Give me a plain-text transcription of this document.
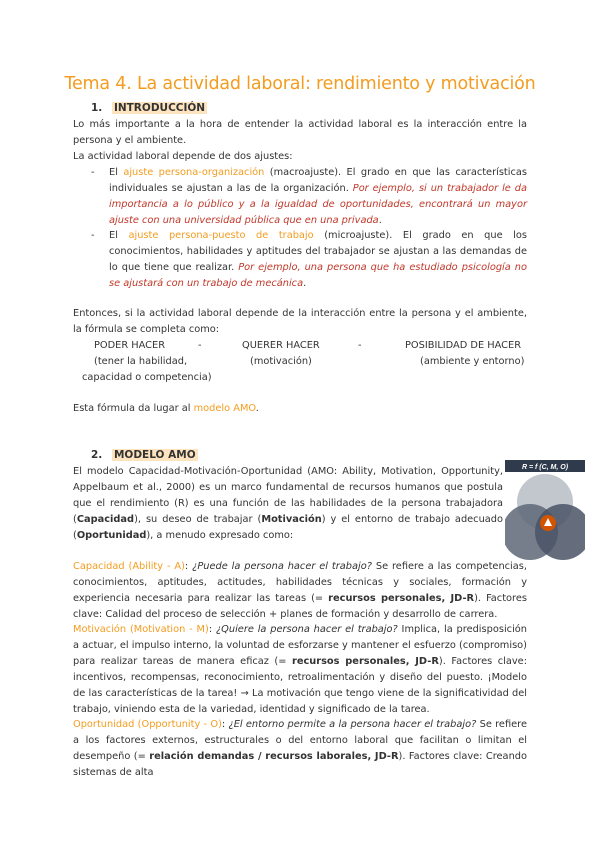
Tema 4. La actividad laboral: rendimiento y motivación
1. INTRODUCCIÓN
Lo más importante a la hora de entender la actividad laboral es la interacción entre la persona y el ambiente.
La actividad laboral depende de dos ajustes:
- El ajuste persona-organización (macroajuste). El grado en que las características individuales se ajustan a las de la organización. Por ejemplo, si un trabajador le da importancia a lo público y a la igualdad de oportunidades, encontrará un mayor ajuste con una universidad pública que en una privada.
- El ajuste persona-puesto de trabajo (microajuste). El grado en que los conocimientos, habilidades y aptitudes del trabajador se ajustan a las demandas de lo que tiene que realizar. Por ejemplo, una persona que ha estudiado psicología no se ajustará con un trabajo de mecánica.
Entonces, si la actividad laboral depende de la interacción entre la persona y el ambiente, la fórmula se completa como:
PODER HACER	-	QUERER HACER	-	POSIBILIDAD DE HACER
(tener la habilidad,	(motivación)	(ambiente y entorno)
capacidad o competencia)
Esta fórmula da lugar al modelo AMO.
2. MODELO AMO
El modelo Capacidad-Motivación-Oportunidad (AMO: Ability, Motivation, Opportunity, Appelbaum et al., 2000) es un marco fundamental de recursos humanos que postula que el rendimiento (R) es una función de las habilidades de la persona trabajadora (Capacidad), su deseo de trabajar (Motivación) y el entorno de trabajo adecuado (Oportunidad), a menudo expresado como:
R = f (C, M, O)
Capacidad (Ability - A): ¿Puede la persona hacer el trabajo? Se refiere a las competencias, conocimientos, aptitudes, actitudes, habilidades técnicas y sociales, formación y experiencia necesaria para realizar las tareas (= recursos personales, JD-R). Factores clave: Calidad del proceso de selección + planes de formación y desarrollo de carrera.
Motivación (Motivation - M): ¿Quiere la persona hacer el trabajo? Implica, la predisposición a actuar, el impulso interno, la voluntad de esforzarse y mantener el esfuerzo (compromiso) para realizar tareas de manera eficaz (= recursos personales, JD-R). Factores clave: incentivos, recompensas, reconocimiento, retroalimentación y diseño del puesto. ¡Modelo de las características de la tarea! → La motivación que tengo viene de la significatividad del trabajo, viniendo esta de la variedad, identidad y significado de la tarea.
Oportunidad (Opportunity - O): ¿El entorno permite a la persona hacer el trabajo? Se refiere a los factores externos, estructurales o del entorno laboral que facilitan o limitan el desempeño (= relación demandas / recursos laborales, JD-R). Factores clave: Creando sistemas de alta
